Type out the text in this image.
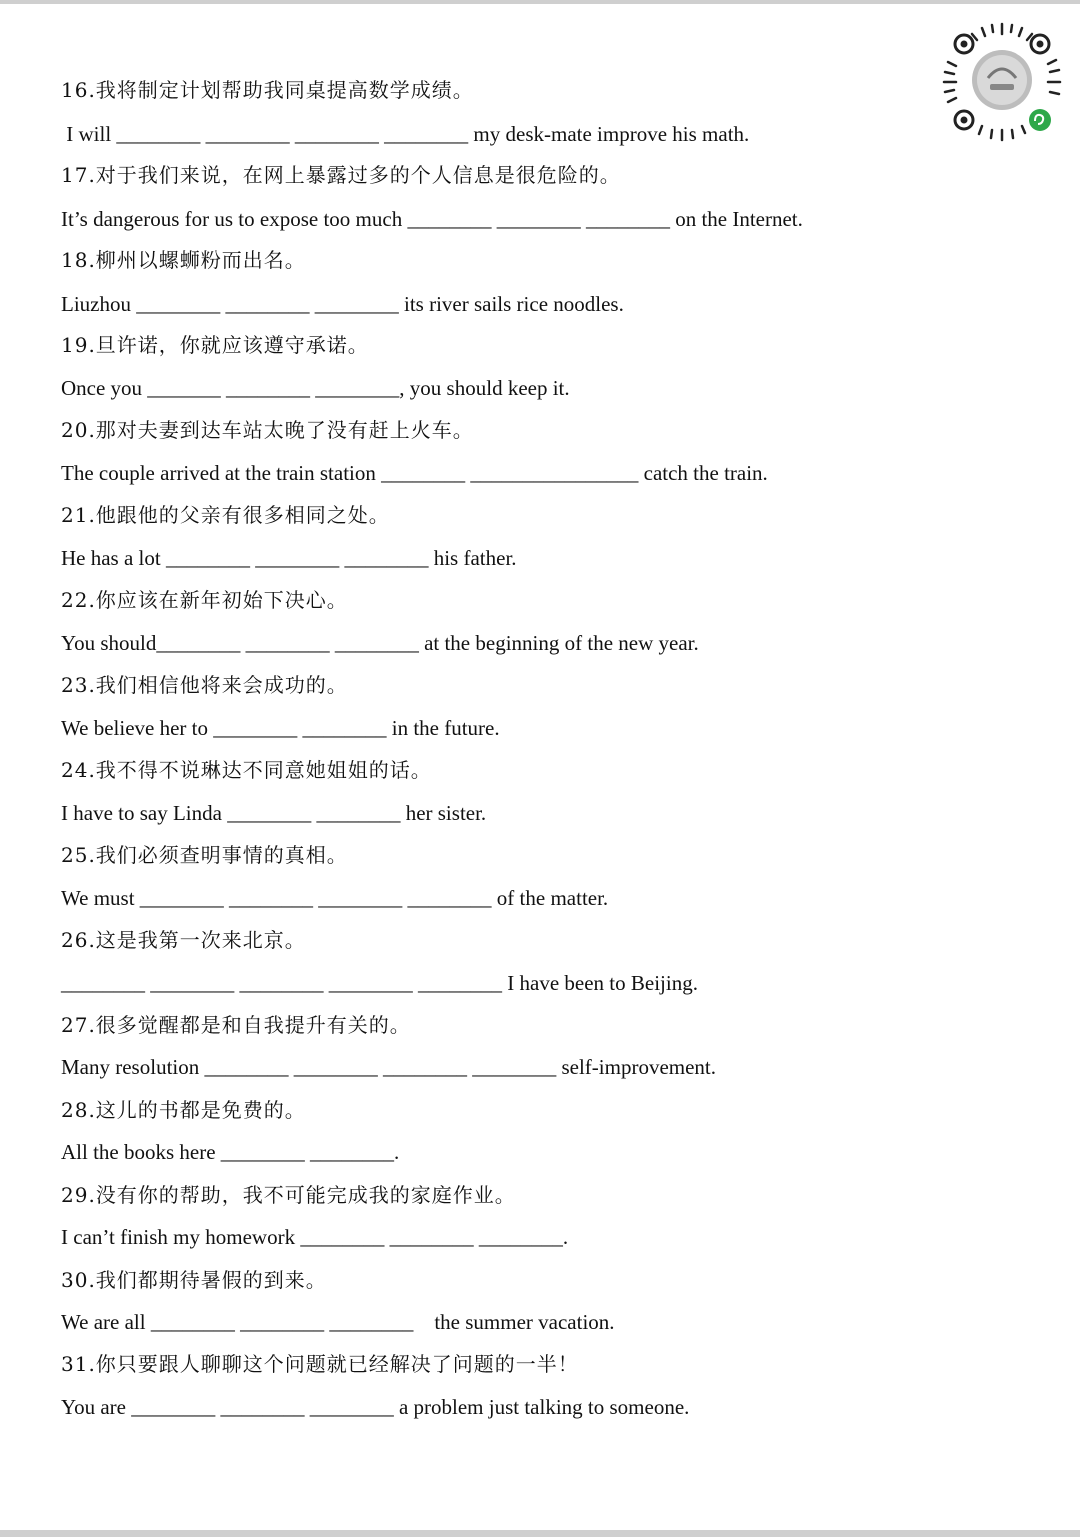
16.我将制定计划帮助我同桌提高数学成绩。
I will ________ ________ ________ ________ my desk-mate improve his math.
17.对于我们来说，在网上暴露过多的个人信息是很危险的。
It’s dangerous for us to expose too much ________ ________ ________ on the Internet.
18.柳州以螺蛳粉而出名。
Liuzhou ________ ________ ________ its river sails rice noodles.
19.旦许诺，你就应该遵守承诺。
Once you _______ ________ ________, you should keep it.
20.那对夫妻到达车站太晚了没有赶上火车。
The couple arrived at the train station ________ ________________ catch the train.
21.他跟他的父亲有很多相同之处。
He has a lot ________ ________ ________ his father.
22.你应该在新年初始下决心。
You should________ ________ ________ at the beginning of the new year.
23.我们相信他将来会成功的。
We believe her to ________ ________ in the future.
24.我不得不说琳达不同意她姐姐的话。
I have to say Linda ________ ________ her sister.
25.我们必须查明事情的真相。
We must ________ ________ ________ ________ of the matter.
26.这是我第一次来北京。
________ ________ ________ ________ ________ I have been to Beijing.
27.很多觉醒都是和自我提升有关的。
Many resolution ________ ________ ________ ________ self-improvement.
28.这儿的书都是免费的。
All the books here ________ ________.
29.没有你的帮助，我不可能完成我的家庭作业。
I can’t finish my homework ________ ________ ________.
30.我们都期待暑假的到来。
We are all ________ ________ ________    the summer vacation.
31.你只要跟人聊聊这个问题就已经解决了问题的一半！
You are ________ ________ ________ a problem just talking to someone.
